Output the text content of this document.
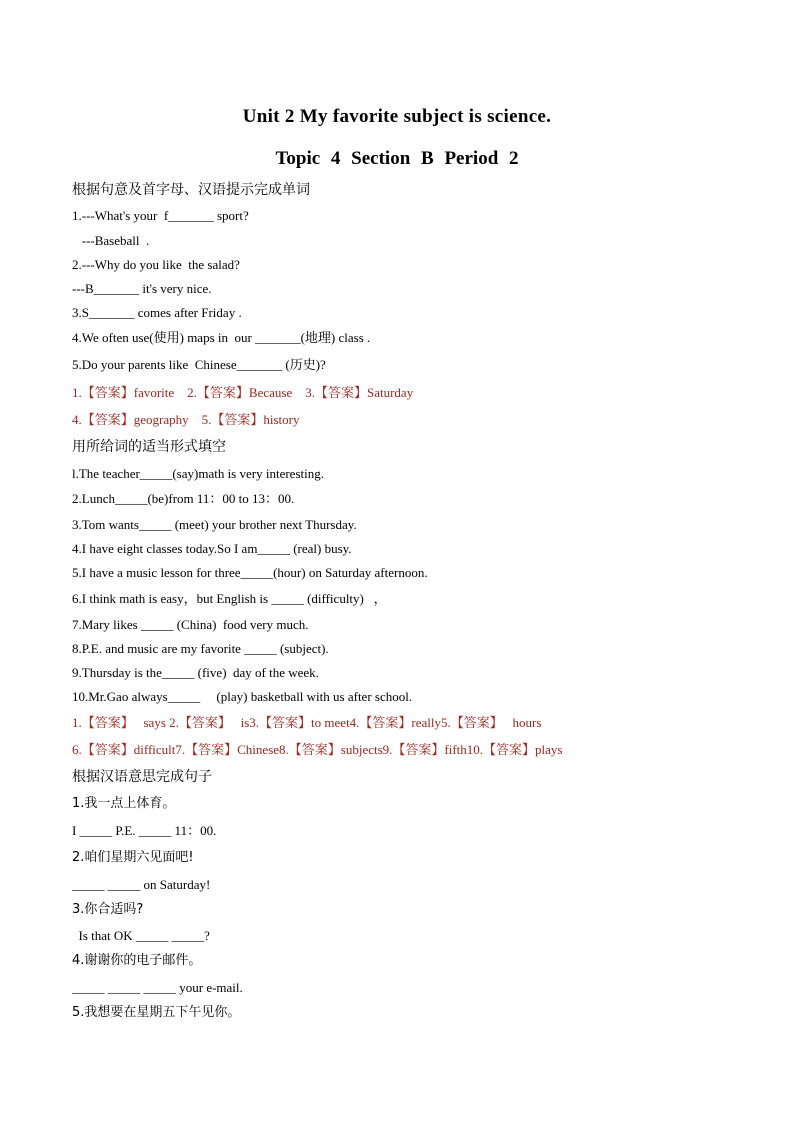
Unit 2 My favorite subject is science.
Topic 4 Section B Period 2
根据句意及首字母、汉语提示完成单词
1.---What's your  f_______ sport?
---Baseball  .
2.---Why do you like  the salad?
---B_______ it's very nice.
3.S_______ comes after Friday .
4.We often use(使用) maps in  our _______(地理) class .
5.Do your parents like  Chinese_______ (历史)?
1.【答案】favorite    2.【答案】Because    3.【答案】Saturday
4.【答案】geography    5.【答案】history
用所给词的适当形式填空
l.The teacher_____(say)math is very interesting.
2.Lunch_____(be)from 11：00 to 13：00.
3.Tom wants_____ (meet) your brother next Thursday.
4.I have eight classes today.So I am_____ (real) busy.
5.I have a music lesson for three_____(hour) on Saturday afternoon.
6.I think math is easy，but English is _____ (difficulty)   ，
7.Mary likes _____ (China)  food very much.
8.P.E. and music are my favorite _____ (subject).
9.Thursday is the_____ (five)  day of the week.
10.Mr.Gao always_____     (play) basketball with us after school.
1.【答案】   says 2.【答案】   is3.【答案】to meet4.【答案】really5.【答案】   hours
6.【答案】difficult7.【答案】Chinese8.【答案】subjects9.【答案】fifth10.【答案】plays
根据汉语意思完成句子
1.我一点上体育。
I _____ P.E. _____ 11：00.
2.咱们星期六见面吧!
_____ _____ on Saturday!
3.你合适吗?
Is that OK _____ _____?
4.谢谢你的电子邮件。
_____ _____ _____ your e-mail.
5.我想要在星期五下午见你。
